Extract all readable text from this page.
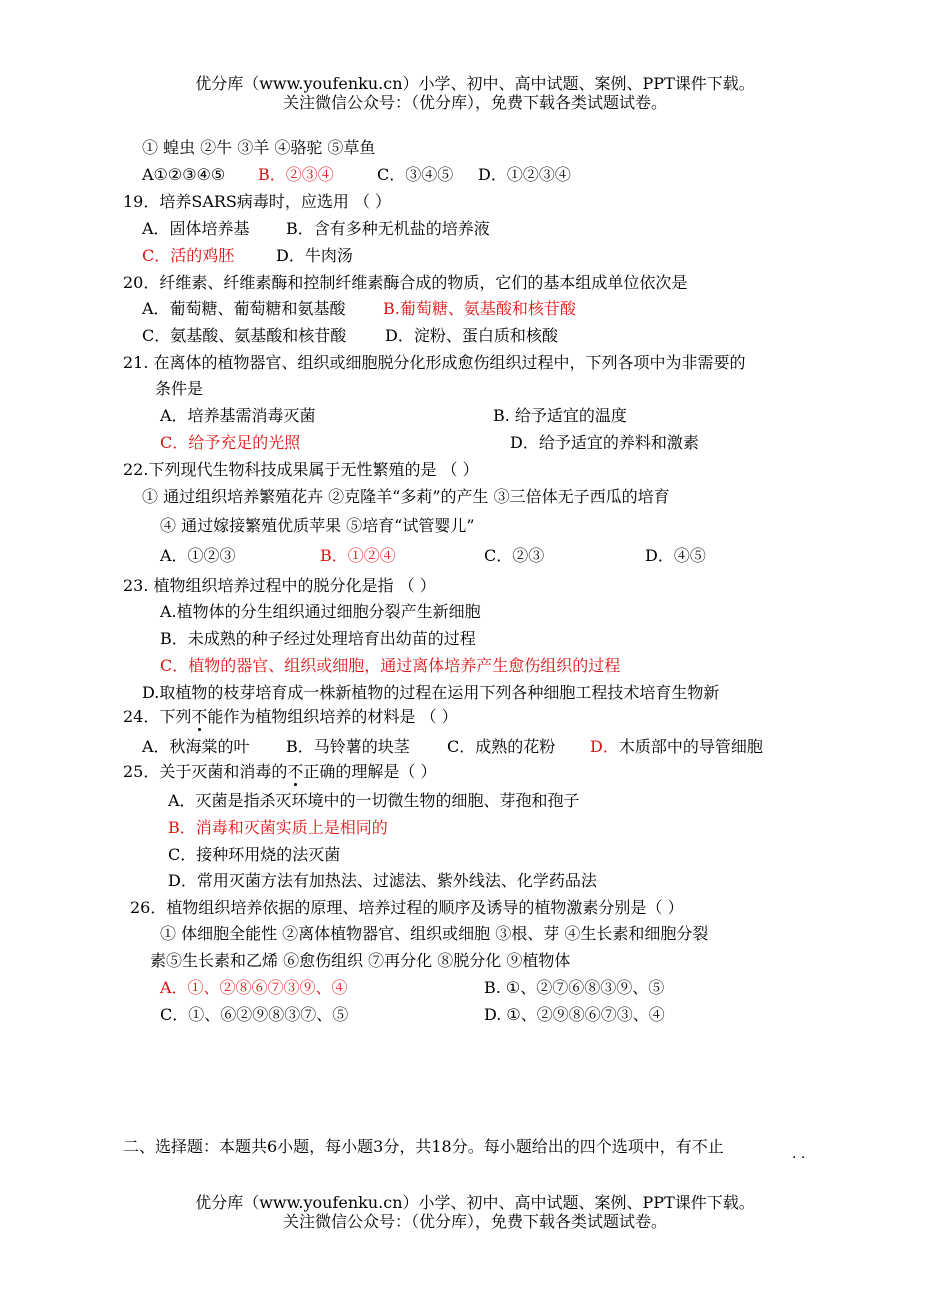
优分库（www.youfenku.cn）小学、初中、高中试题、案例、PPT课件下载。
关注微信公众号：（优分库），免费下载各类试题试卷。
① 蝗虫 ②牛 ③羊 ④骆驼 ⑤草鱼
A①②③④⑤ B．②③④	C．③④⑤ D．①②③④
19．培养SARS病毒时，应选用 （ ）
A．固体培养基 B．含有多种无机盐的培养液
C．活的鸡胚	D．牛肉汤
20．纤维素、纤维素酶和控制纤维素酶合成的物质，它们的基本组成单位依次是
A．葡萄糖、葡萄糖和氨基酸 B.葡萄糖、氨基酸和核苷酸
C．氨基酸、氨基酸和核苷酸 D．淀粉、蛋白质和核酸
21. 在离体的植物器官、组织或细胞脱分化形成愈伤组织过程中，下列各项中为非需要的
条件是
A．培养基需消毒灭菌	B. 给予适宜的温度
C．给予充足的光照	D．给予适宜的养料和激素
22.下列现代生物科技成果属于无性繁殖的是 （ ）
① 通过组织培养繁殖花卉 ②克隆羊“多莉”的产生 ③三倍体无子西瓜的培育
④ 通过嫁接繁殖优质苹果 ⑤培育“试管婴儿”
A．①②③	B．①②④	C．②③	D．④⑤
23. 植物组织培养过程中的脱分化是指 （ ）
A.植物体的分生组织通过细胞分裂产生新细胞
B．未成熟的种子经过处理培育出幼苗的过程
C．植物的器官、组织或细胞，通过离体培养产生愈伤组织的过程
D.取植物的枝芽培育成一株新植物的过程在运用下列各种细胞工程技术培育生物新
24．下列不能作为植物组织培养的材料是 （ ）
A．秋海棠的叶 B．马铃薯的块茎 C．成熟的花粉 D．木质部中的导管细胞
25．关于灭菌和消毒的不正确的理解是（ ）
A．灭菌是指杀灭环境中的一切微生物的细胞、芽孢和孢子
B．消毒和灭菌实质上是相同的
C．接种环用烧的法灭菌
D．常用灭菌方法有加热法、过滤法、紫外线法、化学药品法
26．植物组织培养依据的原理、培养过程的顺序及诱导的植物激素分别是（ ）
① 体细胞全能性 ②离体植物器官、组织或细胞 ③根、芽 ④生长素和细胞分裂
素⑤生长素和乙烯 ⑥愈伤组织 ⑦再分化 ⑧脱分化 ⑨植物体
A．①、②⑧⑥⑦③⑨、④	B. ①、②⑦⑥⑧③⑨、⑤
C．①、⑥②⑨⑧③⑦、⑤	D. ①、②⑨⑧⑥⑦③、④
二、选择题：本题共6小题，每小题3分，共18分。每小题给出的四个选项中，有不止
· ·
优分库（www.youfenku.cn）小学、初中、高中试题、案例、PPT课件下载。
关注微信公众号：（优分库），免费下载各类试题试卷。
